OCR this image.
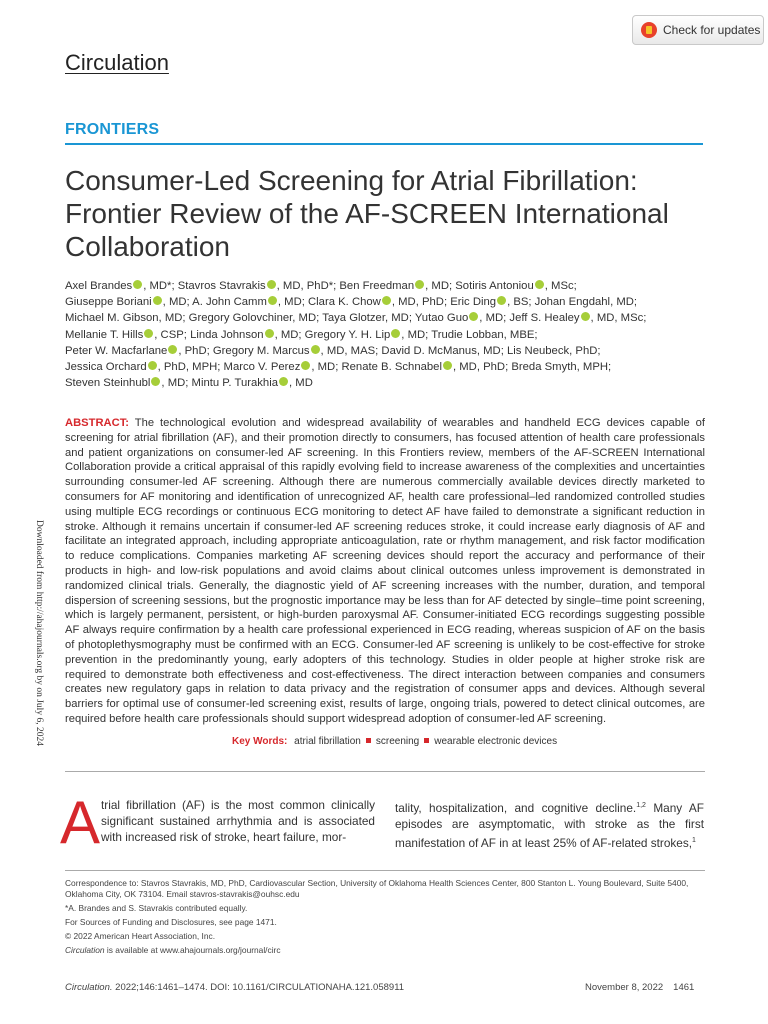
Circulation
Check for updates
FRONTIERS
Consumer-Led Screening for Atrial Fibrillation: Frontier Review of the AF-SCREEN International Collaboration
Axel Brandes , MD*; Stavros Stavrakis , MD, PhD*; Ben Freedman , MD; Sotiris Antoniou , MSc;
Giuseppe Boriani , MD; A. John Camm , MD; Clara K. Chow , MD, PhD; Eric Ding , BS; Johan Engdahl, MD;
Michael M. Gibson, MD; Gregory Golovchiner, MD; Taya Glotzer, MD; Yutao Guo , MD; Jeff S. Healey , MD, MSc;
Mellanie T. Hills , CSP; Linda Johnson , MD; Gregory Y. H. Lip , MD; Trudie Lobban, MBE;
Peter W. Macfarlane , PhD; Gregory M. Marcus , MD, MAS; David D. McManus, MD; Lis Neubeck, PhD;
Jessica Orchard , PhD, MPH; Marco V. Perez , MD; Renate B. Schnabel , MD, PhD; Breda Smyth, MPH;
Steven Steinhubl , MD; Mintu P. Turakhia , MD
ABSTRACT: The technological evolution and widespread availability of wearables and handheld ECG devices capable of screening for atrial fibrillation (AF), and their promotion directly to consumers, has focused attention of health care professionals and patient organizations on consumer-led AF screening. In this Frontiers review, members of the AF-SCREEN International Collaboration provide a critical appraisal of this rapidly evolving field to increase awareness of the complexities and uncertainties surrounding consumer-led AF screening. Although there are numerous commercially available devices directly marketed to consumers for AF monitoring and identification of unrecognized AF, health care professional–led randomized controlled studies using multiple ECG recordings or continuous ECG monitoring to detect AF have failed to demonstrate a significant reduction in stroke. Although it remains uncertain if consumer-led AF screening reduces stroke, it could increase early diagnosis of AF and facilitate an integrated approach, including appropriate anticoagulation, rate or rhythm management, and risk factor modification to reduce complications. Companies marketing AF screening devices should report the accuracy and performance of their products in high- and low-risk populations and avoid claims about clinical outcomes unless improvement is demonstrated in randomized clinical trials. Generally, the diagnostic yield of AF screening increases with the number, duration, and temporal dispersion of screening sessions, but the prognostic importance may be less than for AF detected by single–time point screening, which is largely permanent, persistent, or high-burden paroxysmal AF. Consumer-initiated ECG recordings suggesting possible AF always require confirmation by a health care professional experienced in ECG reading, whereas suspicion of AF on the basis of photoplethysmography must be confirmed with an ECG. Consumer-led AF screening is unlikely to be cost-effective for stroke prevention in the predominantly young, early adopters of this technology. Studies in older people at higher stroke risk are required to demonstrate both effectiveness and cost-effectiveness. The direct interaction between companies and consumers creates new regulatory gaps in relation to data privacy and the registration of consumer apps and devices. Although several barriers for optimal use of consumer-led screening exist, results of large, ongoing trials, powered to detect clinical outcomes, are required before health care professionals should support widespread adoption of consumer-led AF screening.
Key Words: atrial fibrillation screening wearable electronic devices
A trial fibrillation (AF) is the most common clinically significant sustained arrhythmia and is associated with increased risk of stroke, heart failure, mor-
tality, hospitalization, and cognitive decline.$^{1,2}$ Many AF episodes are asymptomatic, with stroke as the first manifestation of AF in at least 25% of AF-related strokes,$^1$

Correspondence to: Stavros Stavrakis, MD, PhD, Cardiovascular Section, University of Oklahoma Health Sciences Center, 800 Stanton L. Young Boulevard, Suite 5400, Oklahoma City, OK 73104. Email stavros-stavrakis@ouhsc.edu

*A. Brandes and S. Stavrakis contributed equally.

For Sources of Funding and Disclosures, see page 1471.

© 2022 American Heart Association, Inc.

Circulation is available at www.ahajournals.org/journal/circ

Circulation. 2022;146:1461–1474. DOI: 10.1161/CIRCULATIONAHA.121.058911	November 8, 2022 1461
Downloaded from http://ahajournals.org by on July 6, 2024
